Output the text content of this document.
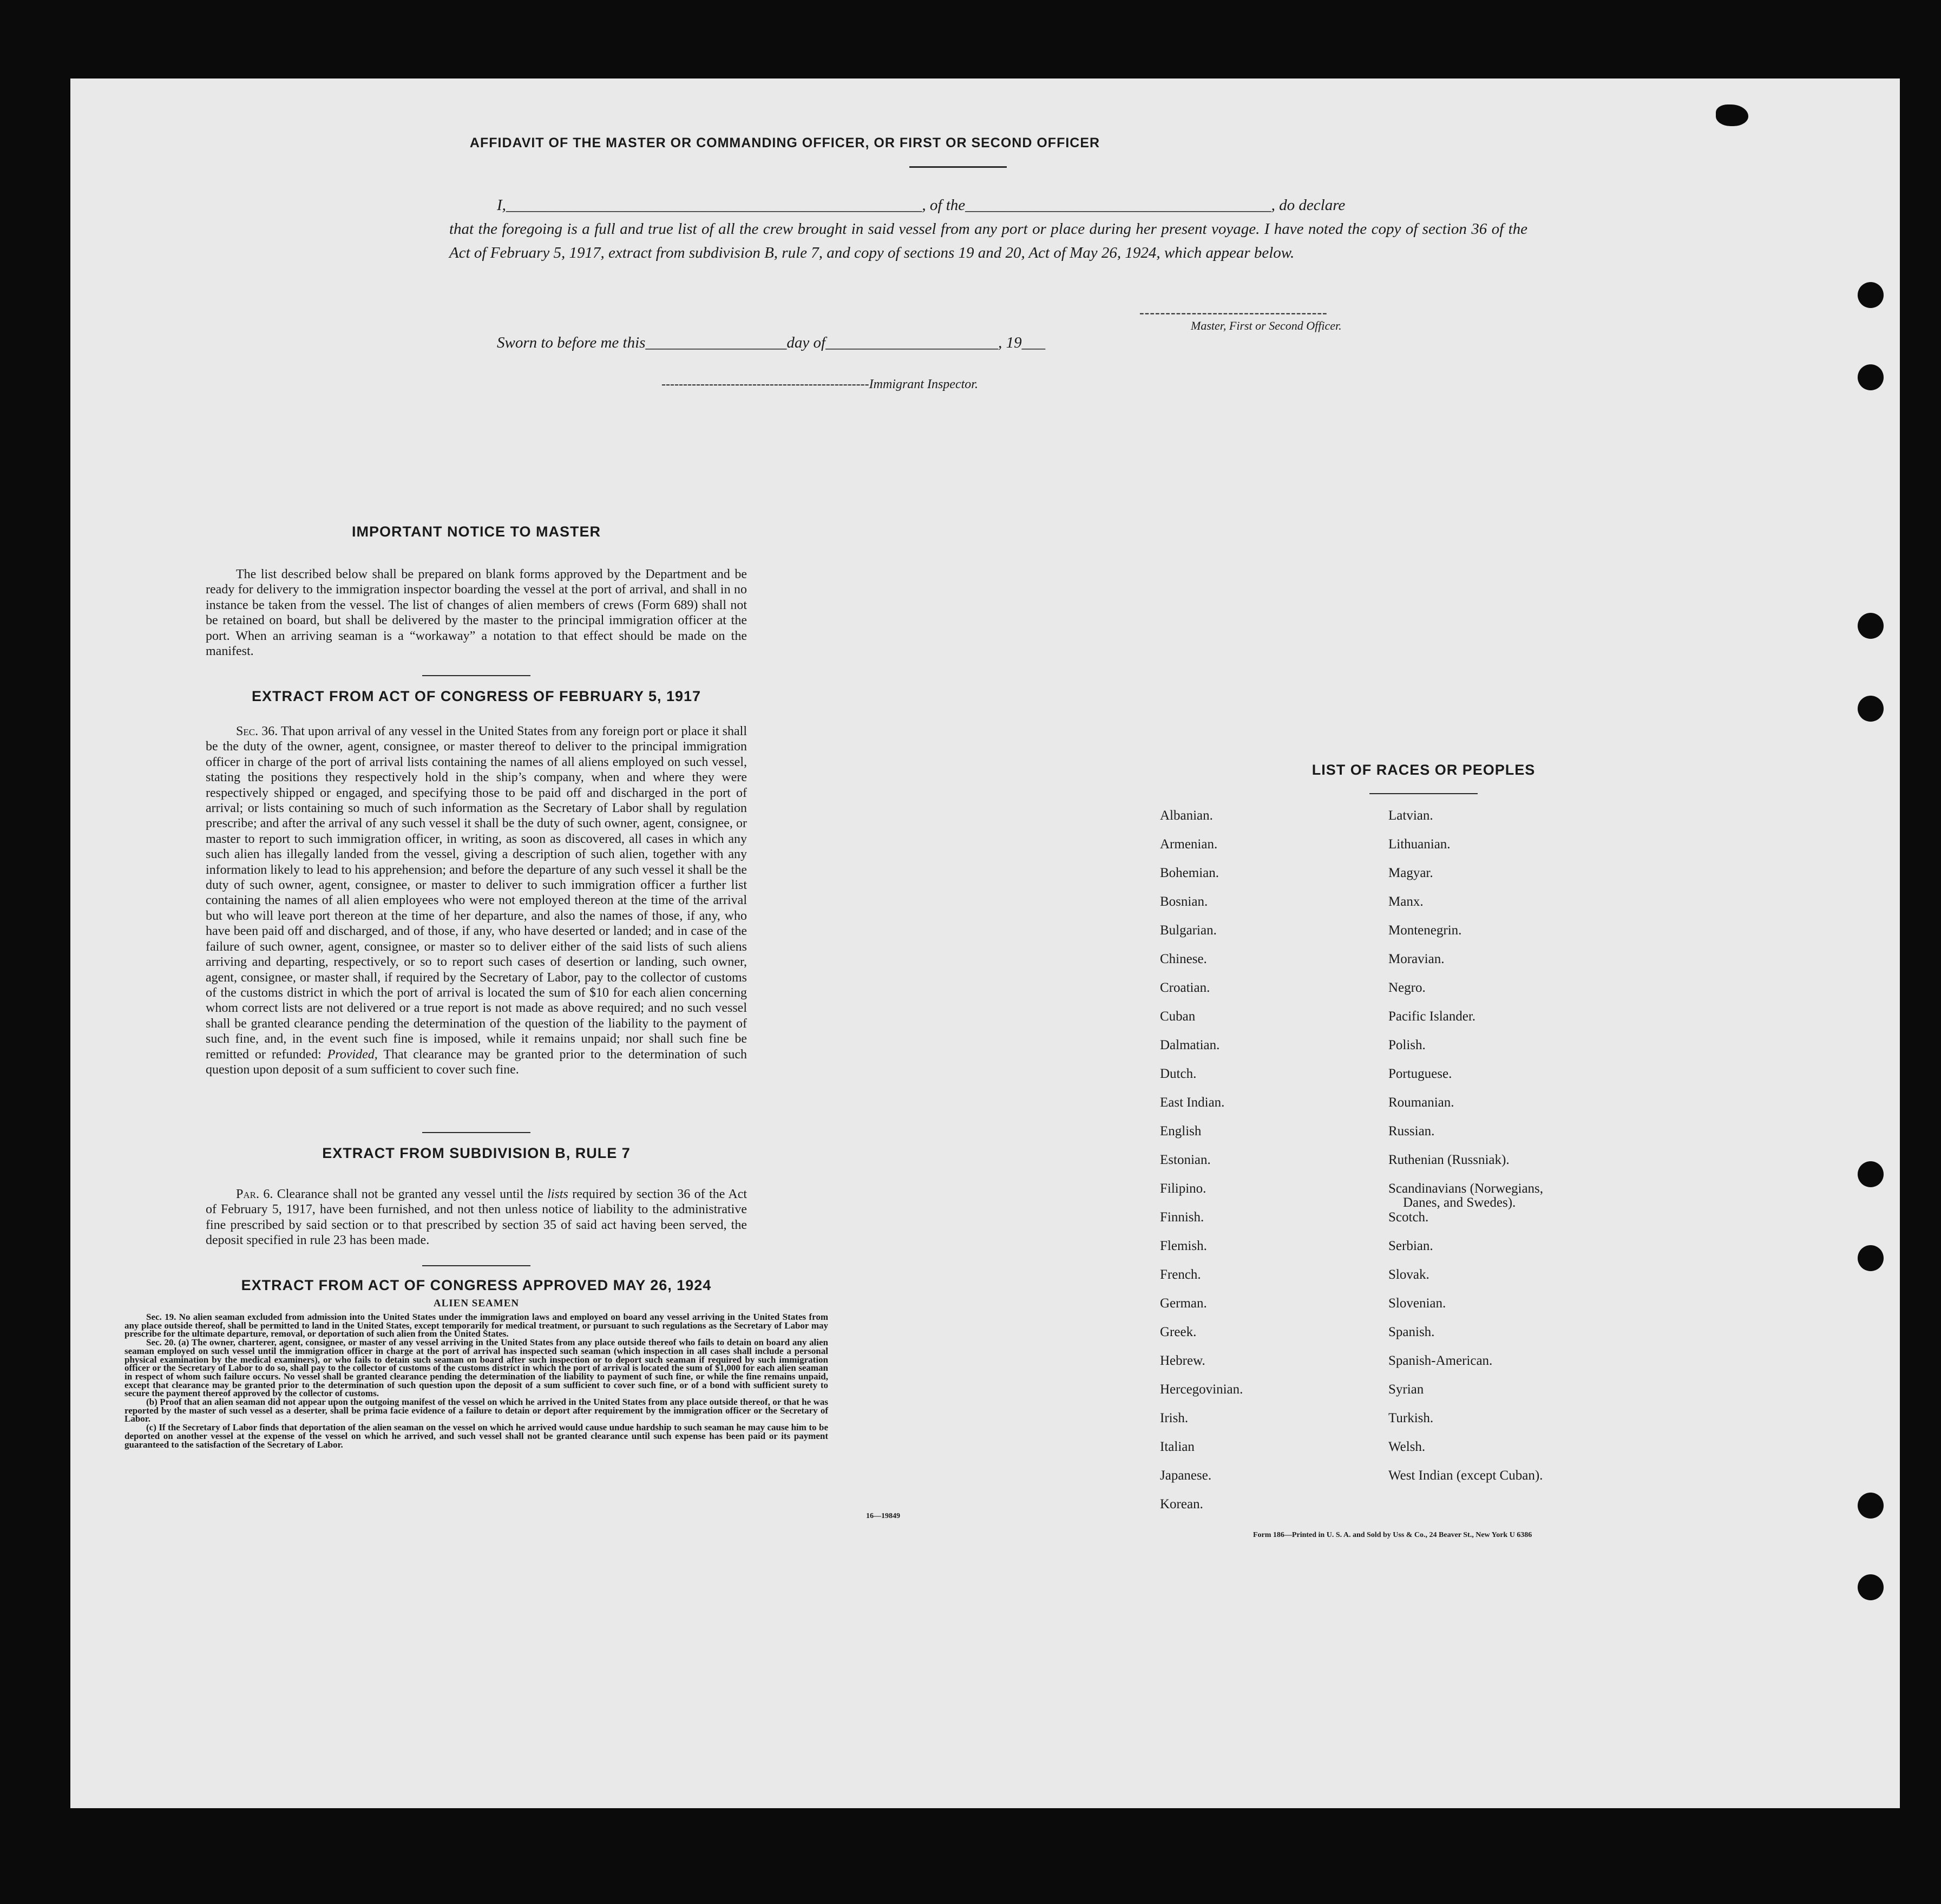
AFFIDAVIT OF THE MASTER OR COMMANDING OFFICER, OR FIRST OR SECOND OFFICER
I,_____________________________________________________, of the_______________________________________, do declare
that the foregoing is a full and true list of all the crew brought in said vessel from any port or place during her present voyage. I have noted the copy of section 36 of the Act of February 5, 1917, extract from subdivision B, rule 7, and copy of sections 19 and 20, Act of May 26, 1924, which appear below.
------------------------------------
Master, First or Second Officer.
Sworn to before me this__________________day of______________________, 19___
------------------------------------------------Immigrant Inspector.
IMPORTANT NOTICE TO MASTER
The list described below shall be prepared on blank forms approved by the Department and be ready for delivery to the immigration inspector boarding the vessel at the port of arrival, and shall in no instance be taken from the vessel. The list of changes of alien members of crews (Form 689) shall not be retained on board, but shall be delivered by the master to the principal immigration officer at the port. When an arriving seaman is a “workaway” a notation to that effect should be made on the manifest.
EXTRACT FROM ACT OF CONGRESS OF FEBRUARY 5, 1917
Sec. 36. That upon arrival of any vessel in the United States from any foreign port or place it shall be the duty of the owner, agent, consignee, or master thereof to deliver to the principal immigration officer in charge of the port of arrival lists containing the names of all aliens employed on such vessel, stating the positions they respectively hold in the ship’s company, when and where they were respectively shipped or engaged, and specifying those to be paid off and discharged in the port of arrival; or lists containing so much of such information as the Secretary of Labor shall by regulation prescribe; and after the arrival of any such vessel it shall be the duty of such owner, agent, consignee, or master to report to such immigration officer, in writing, as soon as discovered, all cases in which any such alien has illegally landed from the vessel, giving a description of such alien, together with any information likely to lead to his apprehension; and before the departure of any such vessel it shall be the duty of such owner, agent, consignee, or master to deliver to such immigration officer a further list containing the names of all alien employees who were not employed thereon at the time of the arrival but who will leave port thereon at the time of her departure, and also the names of those, if any, who have been paid off and discharged, and of those, if any, who have deserted or landed; and in case of the failure of such owner, agent, consignee, or master so to deliver either of the said lists of such aliens arriving and departing, respectively, or so to report such cases of desertion or landing, such owner, agent, consignee, or master shall, if required by the Secretary of Labor, pay to the collector of customs of the customs district in which the port of arrival is located the sum of $10 for each alien concerning whom correct lists are not delivered or a true report is not made as above required; and no such vessel shall be granted clearance pending the determination of the question of the liability to the payment of such fine, and, in the event such fine is imposed, while it remains unpaid; nor shall such fine be remitted or refunded: Provided, That clearance may be granted prior to the determination of such question upon deposit of a sum sufficient to cover such fine.
EXTRACT FROM SUBDIVISION B, RULE 7
Par. 6. Clearance shall not be granted any vessel until the lists required by section 36 of the Act of February 5, 1917, have been furnished, and not then unless notice of liability to the administrative fine prescribed by said section or to that prescribed by section 35 of said act having been served, the deposit specified in rule 23 has been made.
EXTRACT FROM ACT OF CONGRESS APPROVED MAY 26, 1924
ALIEN SEAMEN
Sec. 19. No alien seaman excluded from admission into the United States under the immigration laws and employed on board any vessel arriving in the United States from any place outside thereof, shall be permitted to land in the United States, except temporarily for medical treatment, or pursuant to such regulations as the Secretary of Labor may prescribe for the ultimate departure, removal, or deportation of such alien from the United States.
Sec. 20. (a) The owner, charterer, agent, consignee, or master of any vessel arriving in the United States from any place outside thereof who fails to detain on board any alien seaman employed on such vessel until the immigration officer in charge at the port of arrival has inspected such seaman (which inspection in all cases shall include a personal physical examination by the medical examiners), or who fails to detain such seaman on board after such inspection or to deport such seaman if required by such immigration officer or the Secretary of Labor to do so, shall pay to the collector of customs of the customs district in which the port of arrival is located the sum of $1,000 for each alien seaman in respect of whom such failure occurs. No vessel shall be granted clearance pending the determination of the liability to payment of such fine, or while the fine remains unpaid, except that clearance may be granted prior to the determination of such question upon the deposit of a sum sufficient to cover such fine, or of a bond with sufficient surety to secure the payment thereof approved by the collector of customs.
(b) Proof that an alien seaman did not appear upon the outgoing manifest of the vessel on which he arrived in the United States from any place outside thereof, or that he was reported by the master of such vessel as a deserter, shall be prima facie evidence of a failure to detain or deport after requirement by the immigration officer or the Secretary of Labor.
(c) If the Secretary of Labor finds that deportation of the alien seaman on the vessel on which he arrived would cause undue hardship to such seaman he may cause him to be deported on another vessel at the expense of the vessel on which he arrived, and such vessel shall not be granted clearance until such expense has been paid or its payment guaranteed to the satisfaction of the Secretary of Labor.
16—19849
LIST OF RACES OR PEOPLES
Form 186—Printed in U. S. A. and Sold by Uss & Co., 24 Beaver St., New York U 6386
Albanian.
Armenian.
Bohemian.
Bosnian.
Bulgarian.
Chinese.
Croatian.
Cuban
Dalmatian.
Dutch.
East Indian.
English
Estonian.
Filipino.
Finnish.
Flemish.
French.
German.
Greek.
Hebrew.
Hercegovinian.
Irish.
Italian
Japanese.
Korean.
Latvian.
Lithuanian.
Magyar.
Manx.
Montenegrin.
Moravian.
Negro.
Pacific Islander.
Polish.
Portuguese.
Roumanian.
Russian.
Ruthenian (Russniak).
Scandinavians (Norwegians,
Danes, and Swedes).
Scotch.
Serbian.
Slovak.
Slovenian.
Spanish.
Spanish-American.
Syrian
Turkish.
Welsh.
West Indian (except Cuban).
